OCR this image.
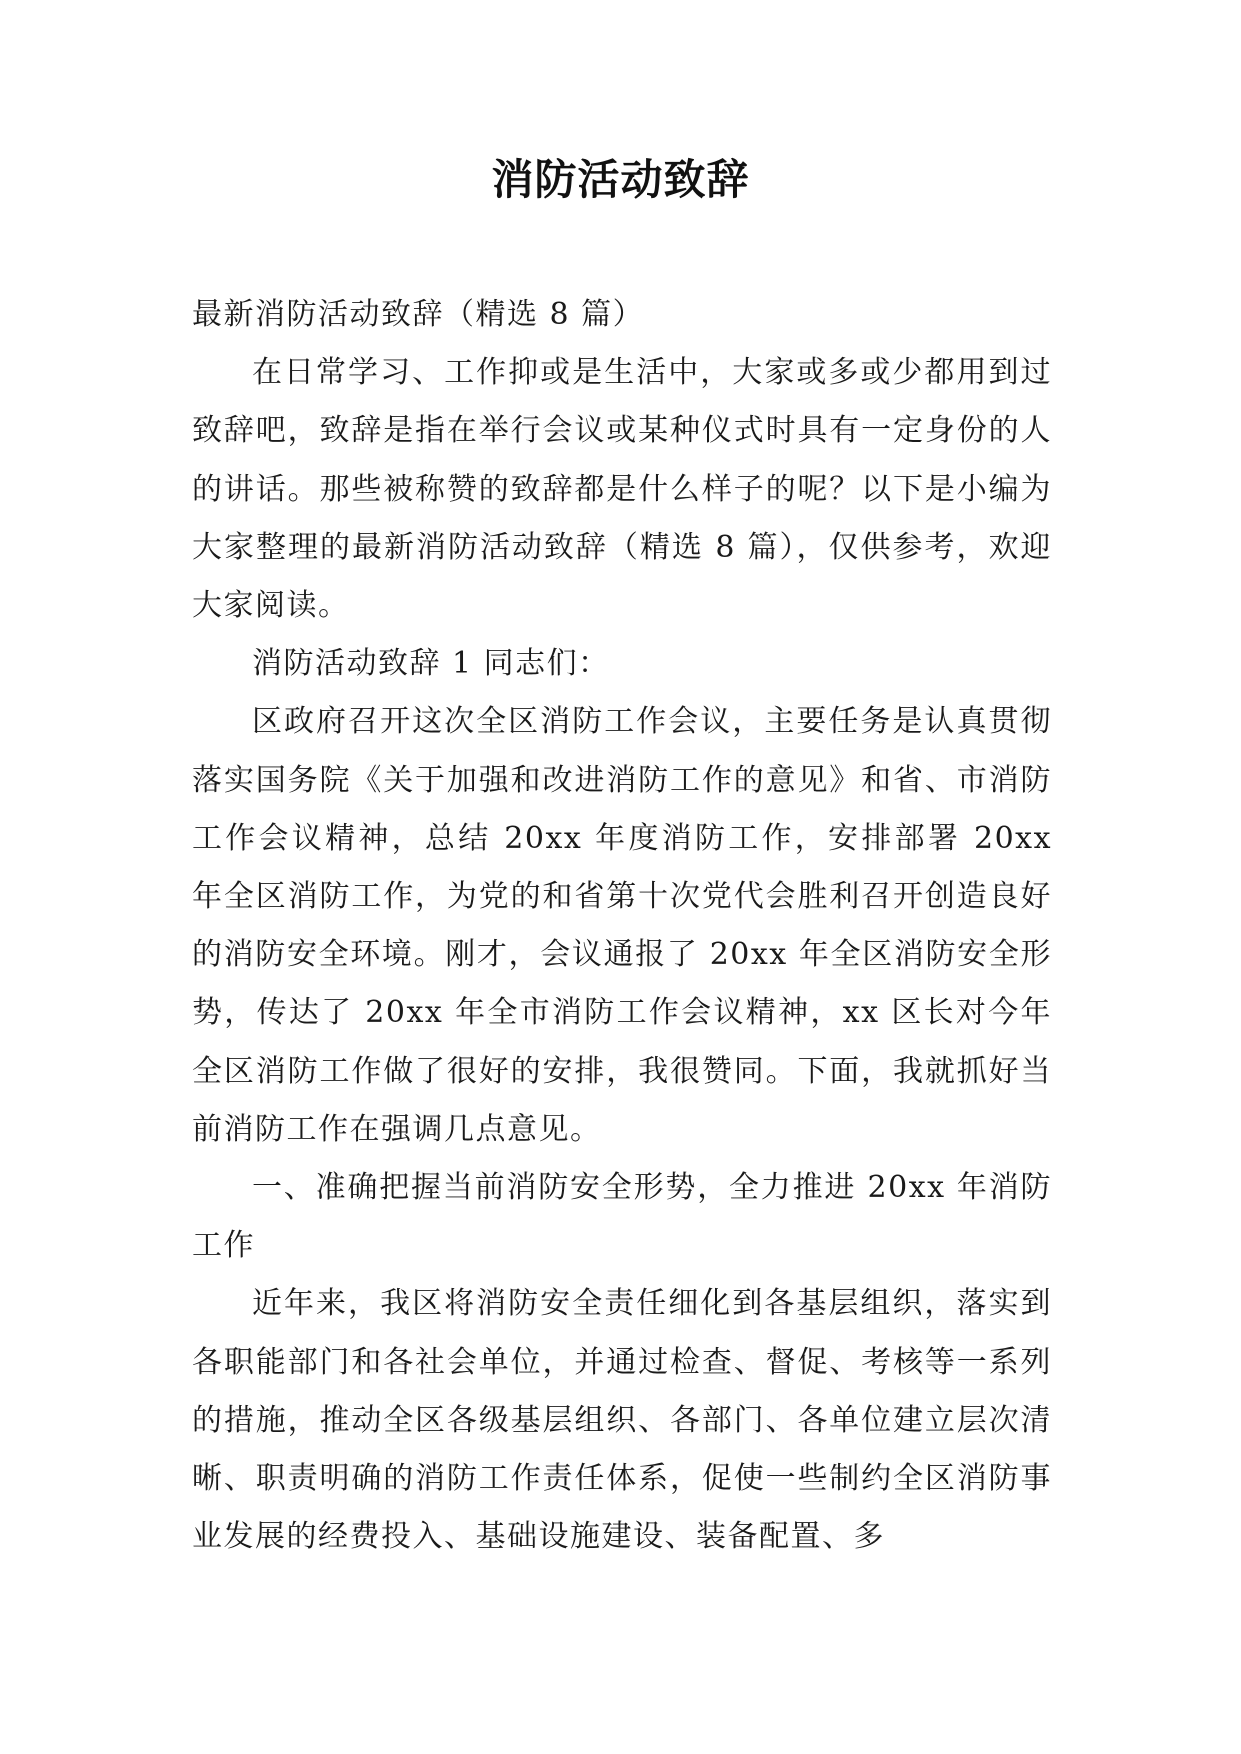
消防活动致辞

最新消防活动致辞（精选 8 篇）

在日常学习、工作抑或是生活中，大家或多或少都用到过致辞吧，致辞是指在举行会议或某种仪式时具有一定身份的人的讲话。那些被称赞的致辞都是什么样子的呢？以下是小编为大家整理的最新消防活动致辞（精选 8 篇），仅供参考，欢迎大家阅读。

消防活动致辞 1 同志们：

区政府召开这次全区消防工作会议，主要任务是认真贯彻落实国务院《关于加强和改进消防工作的意见》和省、市消防工作会议精神，总结 20xx 年度消防工作，安排部署 20xx 年全区消防工作，为党的和省第十次党代会胜利召开创造良好的消防安全环境。刚才，会议通报了 20xx 年全区消防安全形势，传达了 20xx 年全市消防工作会议精神，xx 区长对今年全区消防工作做了很好的安排，我很赞同。下面，我就抓好当前消防工作在强调几点意见。

一、准确把握当前消防安全形势，全力推进 20xx 年消防工作

近年来，我区将消防安全责任细化到各基层组织，落实到各职能部门和各社会单位，并通过检查、督促、考核等一系列的措施，推动全区各级基层组织、各部门、各单位建立层次清晰、职责明确的消防工作责任体系，促使一些制约全区消防事业发展的经费投入、基础设施建设、装备配置、多
